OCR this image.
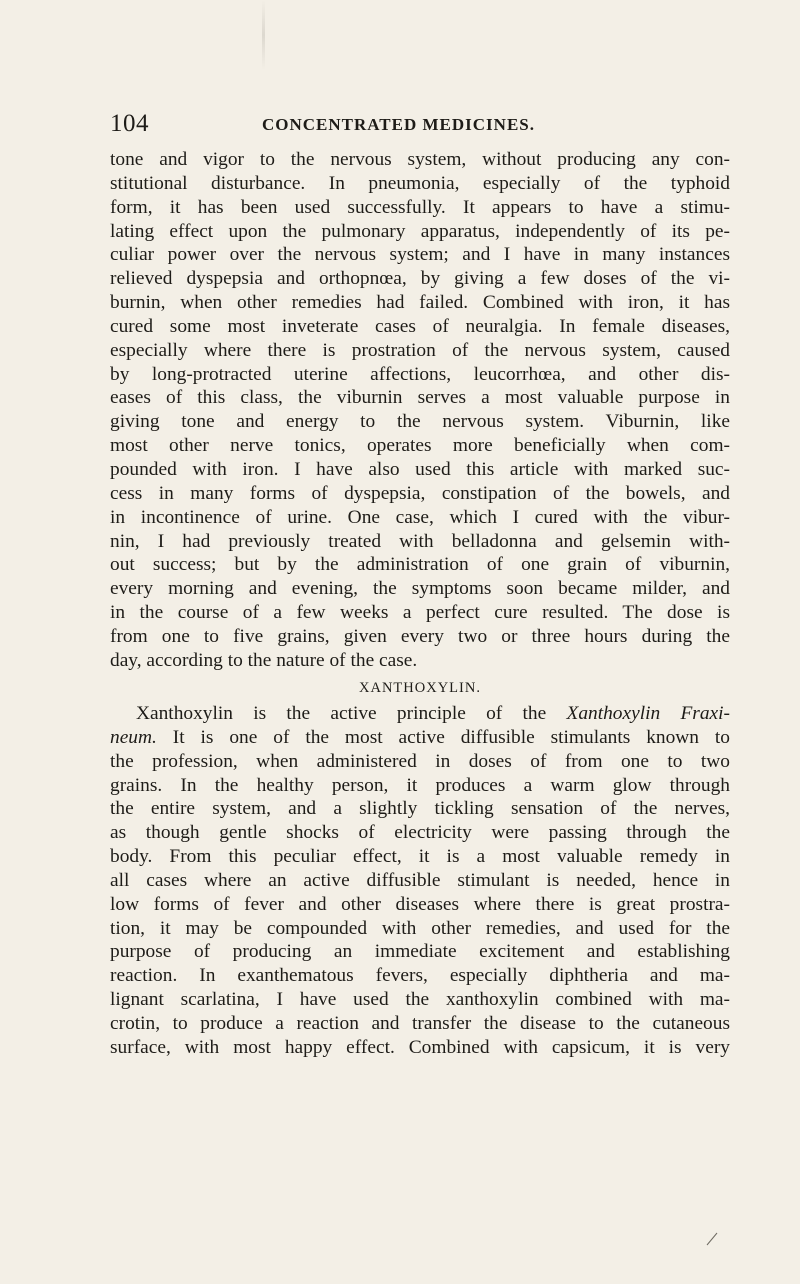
104	CONCENTRATED MEDICINES.
tone and vigor to the nervous system, without producing any con-
stitutional disturbance. In pneumonia, especially of the typhoid
form, it has been used successfully. It appears to have a stimu-
lating effect upon the pulmonary apparatus, independently of its pe-
culiar power over the nervous system; and I have in many instances
relieved dyspepsia and orthopnœa, by giving a few doses of the vi-
burnin, when other remedies had failed. Combined with iron, it has
cured some most inveterate cases of neuralgia. In female diseases,
especially where there is prostration of the nervous system, caused
by long-protracted uterine affections, leucorrhœa, and other dis-
eases of this class, the viburnin serves a most valuable purpose in
giving tone and energy to the nervous system. Viburnin, like
most other nerve tonics, operates more beneficially when com-
pounded with iron. I have also used this article with marked suc-
cess in many forms of dyspepsia, constipation of the bowels, and
in incontinence of urine. One case, which I cured with the vibur-
nin, I had previously treated with belladonna and gelsemin with-
out success; but by the administration of one grain of viburnin,
every morning and evening, the symptoms soon became milder, and
in the course of a few weeks a perfect cure resulted. The dose is
from one to five grains, given every two or three hours during the
day, according to the nature of the case.
XANTHOXYLIN.
Xanthoxylin is the active principle of the Xanthoxylin Fraxi-
neum. It is one of the most active diffusible stimulants known to
the profession, when administered in doses of from one to two
grains. In the healthy person, it produces a warm glow through
the entire system, and a slightly tickling sensation of the nerves,
as though gentle shocks of electricity were passing through the
body. From this peculiar effect, it is a most valuable remedy in
all cases where an active diffusible stimulant is needed, hence in
low forms of fever and other diseases where there is great prostra-
tion, it may be compounded with other remedies, and used for the
purpose of producing an immediate excitement and establishing
reaction. In exanthematous fevers, especially diphtheria and ma-
lignant scarlatina, I have used the xanthoxylin combined with ma-
crotin, to produce a reaction and transfer the disease to the cutaneous
surface, with most happy effect. Combined with capsicum, it is very
